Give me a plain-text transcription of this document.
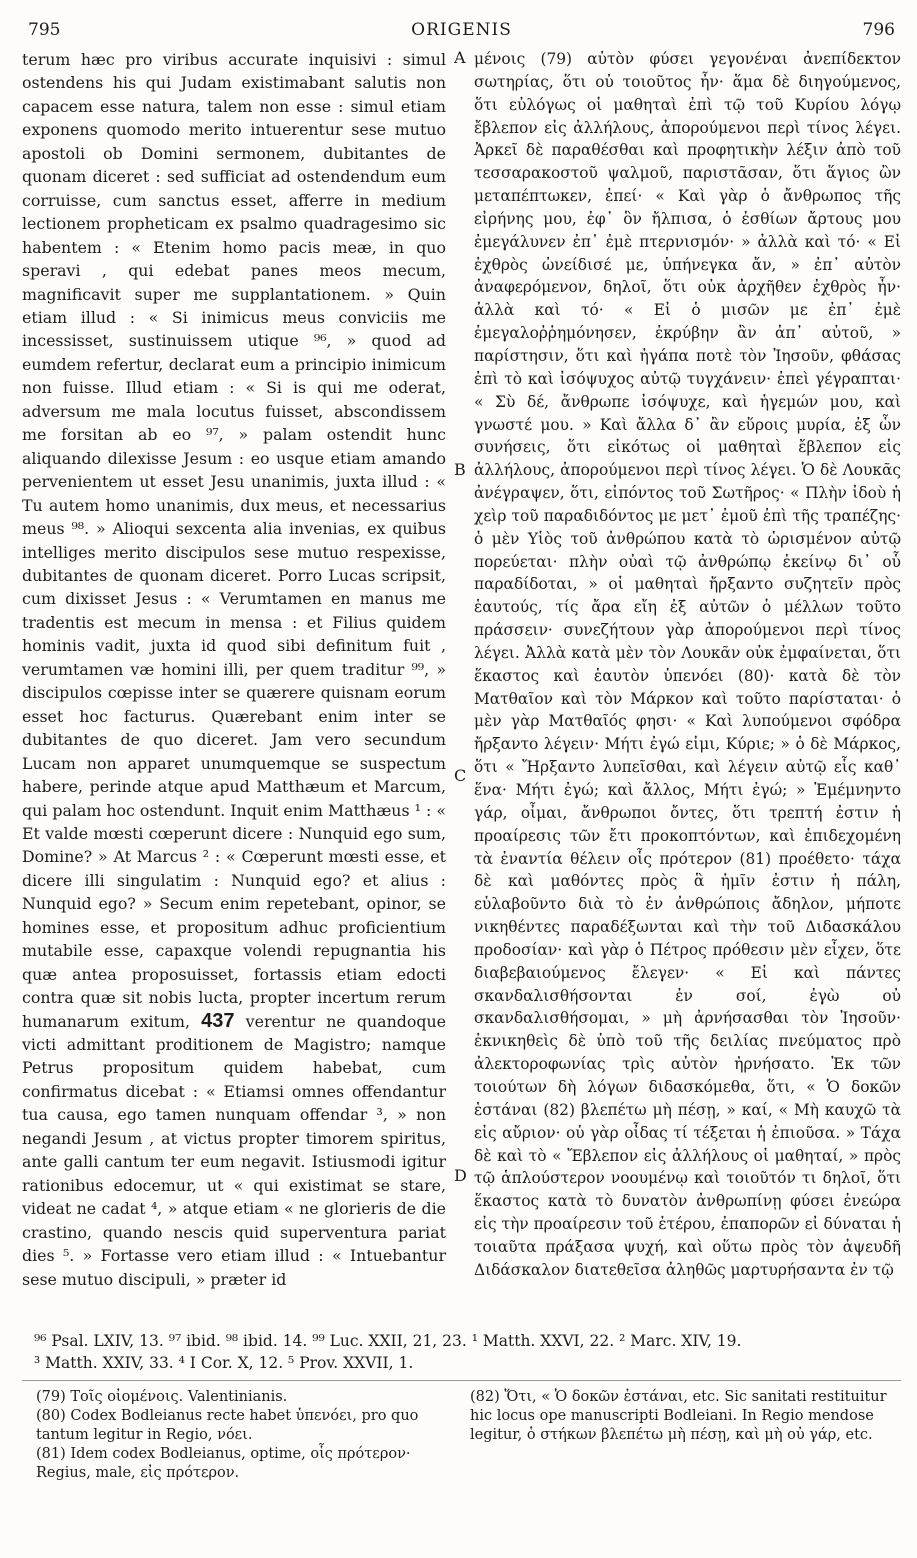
795	ORIGENIS	796

terum hæc pro viribus accurate inquisivi : simul ostendens his qui Judam existimabant salutis non capacem esse natura, talem non esse : simul etiam exponens quomodo merito intuerentur sese mutuo apostoli ob Domini sermonem, dubitantes de quonam diceret : sed sufficiat ad ostendendum eum corruisse, cum sanctus esset, afferre in medium lectionem propheticam ex psalmo quadragesimo sic habentem : « Etenim homo pacis meæ, in quo speravi , qui edebat panes meos mecum, magnificavit super me supplantationem. » Quin etiam illud : « Si inimicus meus conviciis me incessisset, sustinuissem utique ⁹⁶, » quod ad eumdem refertur, declarat eum a principio inimicum non fuisse. Illud etiam : « Si is qui me oderat, adversum me mala locutus fuisset, abscondissem me forsitan ab eo ⁹⁷, » palam ostendit hunc aliquando dilexisse Jesum : eo usque etiam amando pervenientem ut esset Jesu unanimis, juxta illud : « Tu autem homo unanimis, dux meus, et necessarius meus ⁹⁸. » Alioqui sexcenta alia invenias, ex quibus intelliges merito discipulos sese mutuo respexisse, dubitantes de quonam diceret. Porro Lucas scripsit, cum dixisset Jesus : « Verumtamen en manus me tradentis est mecum in mensa : et Filius quidem hominis vadit, juxta id quod sibi definitum fuit , verumtamen væ homini illi, per quem traditur ⁹⁹, » discipulos cœpisse inter se quærere quisnam eorum esset hoc facturus. Quærebant enim inter se dubitantes de quo diceret. Jam vero secundum Lucam non apparet unumquemque se suspectum habere, perinde atque apud Matthæum et Marcum, qui palam hoc ostendunt. Inquit enim Matthæus ¹ : « Et valde mœsti cœperunt dicere : Nunquid ego sum, Domine? » At Marcus ² : « Cœperunt mœsti esse, et dicere illi singulatim : Nunquid ego? et alius : Nunquid ego? » Secum enim repetebant, opinor, se homines esse, et propositum adhuc proficientium mutabile esse, capaxque volendi repugnantia his quæ antea proposuisset, fortassis etiam edocti contra quæ sit nobis lucta, propter incertum rerum humanarum exitum, 437 verentur ne quandoque victi admittant proditionem de Magistro; namque Petrus propositum quidem habebat, cum confirmatus dicebat : « Etiamsi omnes offendantur tua causa, ego tamen nunquam offendar ³, » non negandi Jesum , at victus propter timorem spiritus, ante galli cantum ter eum negavit. Istiusmodi igitur rationibus edocemur, ut « qui existimat se stare, videat ne cadat ⁴, » atque etiam « ne glorieris de die crastino, quando nescis quid superventura pariat dies ⁵. » Fortasse vero etiam illud : « Intuebantur sese mutuo discipuli, » præter id

A
B
C
D

μένοις (79) αὐτὸν φύσει γεγονέναι ἀνεπίδεκτον σωτηρίας, ὅτι οὐ τοιοῦτος ἦν· ἅμα δὲ διηγούμενος, ὅτι εὐλόγως οἱ μαθηταὶ ἐπὶ τῷ τοῦ Κυρίου λόγῳ ἔβλεπον εἰς ἀλλήλους, ἀπορούμενοι περὶ τίνος λέγει. Ἀρκεῖ δὲ παραθέσθαι καὶ προφητικὴν λέξιν ἀπὸ τοῦ τεσσαρακοστοῦ ψαλμοῦ, παριστᾶσαν, ὅτι ἅγιος ὢν μεταπέπτωκεν, ἐπεί· « Καὶ γὰρ ὁ ἄνθρωπος τῆς εἰρήνης μου, ἐφ᾽ ὃν ἤλπισα, ὁ ἐσθίων ἄρτους μου ἐμεγάλυνεν ἐπ᾽ ἐμὲ πτερνισμόν· » ἀλλὰ καὶ τό· « Εἰ ἐχθρὸς ὠνείδισέ με, ὑπήνεγκα ἄν, » ἐπ᾽ αὐτὸν ἀναφερόμενον, δηλοῖ, ὅτι οὐκ ἀρχῆθεν ἐχθρὸς ἦν· ἀλλὰ καὶ τό· « Εἰ ὁ μισῶν με ἐπ᾽ ἐμὲ ἐμεγαλοῤῥημόνησεν, ἐκρύβην ἂν ἀπ᾽ αὐτοῦ, » παρίστησιν, ὅτι καὶ ἠγάπα ποτὲ τὸν Ἰησοῦν, φθάσας ἐπὶ τὸ καὶ ἰσόψυχος αὐτῷ τυγχάνειν· ἐπεὶ γέγραπται· « Σὺ δέ, ἄνθρωπε ἰσόψυχε, καὶ ἡγεμών μου, καὶ γνωστέ μου. » Καὶ ἄλλα δ᾽ ἂν εὕροις μυρία, ἐξ ὧν συνήσεις, ὅτι εἰκότως οἱ μαθηταὶ ἔβλεπον εἰς ἀλλήλους, ἀπορούμενοι περὶ τίνος λέγει. Ὁ δὲ Λουκᾶς ἀνέγραψεν, ὅτι, εἰπόντος τοῦ Σωτῆρος· « Πλὴν ἰδοὺ ἡ χεὶρ τοῦ παραδιδόντος με μετ᾽ ἐμοῦ ἐπὶ τῆς τραπέζης· ὁ μὲν Υἱὸς τοῦ ἀνθρώπου κατὰ τὸ ὡρισμένον αὐτῷ πορεύεται· πλὴν οὐαὶ τῷ ἀνθρώπῳ ἐκείνῳ δι᾽ οὗ παραδίδοται, » οἱ μαθηταὶ ἤρξαντο συζητεῖν πρὸς ἑαυτούς, τίς ἄρα εἴη ἐξ αὐτῶν ὁ μέλλων τοῦτο πράσσειν· συνεζήτουν γὰρ ἀπορούμενοι περὶ τίνος λέγει. Ἀλλὰ κατὰ μὲν τὸν Λουκᾶν οὐκ ἐμφαίνεται, ὅτι ἕκαστος καὶ ἑαυτὸν ὑπενόει (80)· κατὰ δὲ τὸν Ματθαῖον καὶ τὸν Μάρκον καὶ τοῦτο παρίσταται· ὁ μὲν γὰρ Ματθαῖός φησι· « Καὶ λυπούμενοι σφόδρα ἤρξαντο λέγειν· Μήτι ἐγώ εἰμι, Κύριε; » ὁ δὲ Μάρκος, ὅτι « Ἤρξαντο λυπεῖσθαι, καὶ λέγειν αὐτῷ εἷς καθ᾽ ἕνα· Μήτι ἐγώ; καὶ ἄλλος, Μήτι ἐγώ; » Ἐμέμνηντο γάρ, οἶμαι, ἄνθρωποι ὄντες, ὅτι τρεπτή ἐστιν ἡ προαίρεσις τῶν ἔτι προκοπτόντων, καὶ ἐπιδεχομένη τὰ ἐναντία θέλειν οἷς πρότερον (81) προέθετο· τάχα δὲ καὶ μαθόντες πρὸς ἃ ἡμῖν ἐστιν ἡ πάλη, εὐλαβοῦντο διὰ τὸ ἐν ἀνθρώποις ἄδηλον, μήποτε νικηθέντες παραδέξωνται καὶ τὴν τοῦ Διδασκάλου προδοσίαν· καὶ γὰρ ὁ Πέτρος πρόθεσιν μὲν εἶχεν, ὅτε διαβεβαιούμενος ἔλεγεν· « Εἰ καὶ πάντες σκανδαλισθήσονται ἐν σοί, ἐγὼ οὐ σκανδαλισθήσομαι, » μὴ ἀρνήσασθαι τὸν Ἰησοῦν· ἐκνικηθεὶς δὲ ὑπὸ τοῦ τῆς δειλίας πνεύματος πρὸ ἀλεκτοροφωνίας τρὶς αὐτὸν ἠρνήσατο. Ἐκ τῶν τοιούτων δὴ λόγων διδασκόμεθα, ὅτι, « Ὁ δοκῶν ἑστάναι (82) βλεπέτω μὴ πέσῃ, » καί, « Μὴ καυχῶ τὰ εἰς αὔριον· οὐ γὰρ οἶδας τί τέξεται ἡ ἐπιοῦσα. » Τάχα δὲ καὶ τὸ « Ἔβλεπον εἰς ἀλλήλους οἱ μαθηταί, » πρὸς τῷ ἁπλούστερον νοουμένῳ καὶ τοιοῦτόν τι δηλοῖ, ὅτι ἕκαστος κατὰ τὸ δυνατὸν ἀνθρωπίνῃ φύσει ἐνεώρα εἰς τὴν προαίρεσιν τοῦ ἑτέρου, ἐπαπορῶν εἰ δύναται ἡ τοιαῦτα πράξασα ψυχή, καὶ οὕτω πρὸς τὸν ἀψευδῆ Διδάσκαλον διατεθεῖσα ἀληθῶς μαρτυρήσαντα ἐν τῷ

⁹⁶ Psal. LXIV, 13. ⁹⁷ ibid. ⁹⁸ ibid. 14. ⁹⁹ Luc. XXII, 21, 23. ¹ Matth. XXVI, 22. ² Marc. XIV, 19.
³ Matth. XXIV, 33. ⁴ I Cor. X, 12. ⁵ Prov. XXVII, 1.

(79) Τοῖς οἰομένοις. Valentinianis.

(80) Codex Bodleianus recte habet ὑπενόει, pro quo tantum legitur in Regio, νόει.

(81) Idem codex Bodleianus, optime, οἷς πρότερον· Regius, male, εἰς πρότερον.

(82) Ὅτι, « Ὁ δοκῶν ἑστάναι, etc. Sic sanitati restituitur hic locus ope manuscripti Bodleiani. In Regio mendose legitur, ὁ στήκων βλεπέτω μὴ πέσῃ, καὶ μὴ οὐ γάρ, etc.
